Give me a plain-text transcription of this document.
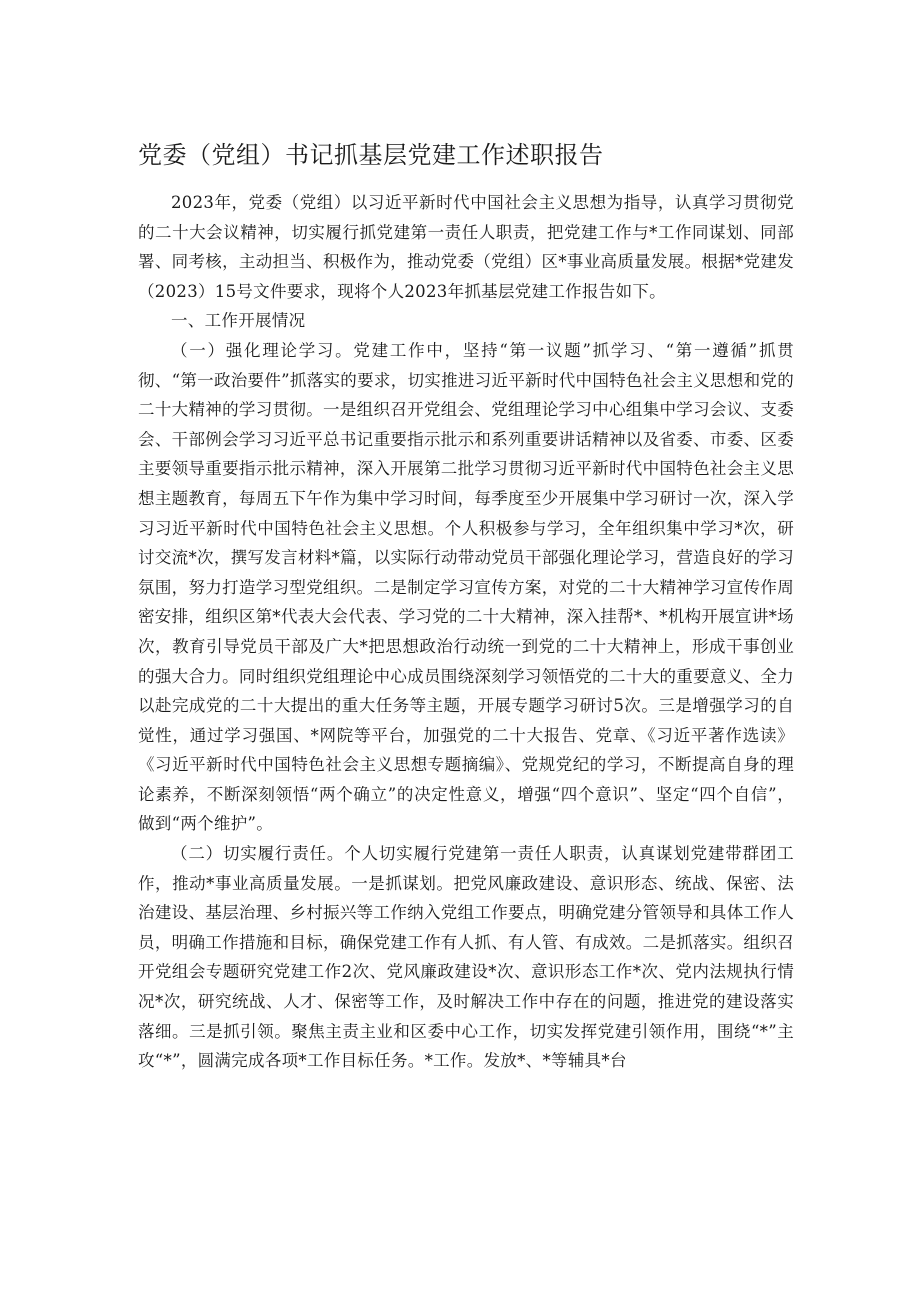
党委（党组）书记抓基层党建工作述职报告

2023年，党委（党组）以习近平新时代中国社会主义思想为指导，认真学习贯彻党的二十大会议精神，切实履行抓党建第一责任人职责，把党建工作与*工作同谋划、同部署、同考核，主动担当、积极作为，推动党委（党组）区*事业高质量发展。根据*党建发（2023）15号文件要求，现将个人2023年抓基层党建工作报告如下。

一、工作开展情况

（一）强化理论学习。党建工作中，坚持“第一议题”抓学习、“第一遵循”抓贯彻、“第一政治要件”抓落实的要求，切实推进习近平新时代中国特色社会主义思想和党的二十大精神的学习贯彻。一是组织召开党组会、党组理论学习中心组集中学习会议、支委会、干部例会学习习近平总书记重要指示批示和系列重要讲话精神以及省委、市委、区委主要领导重要指示批示精神，深入开展第二批学习贯彻习近平新时代中国特色社会主义思想主题教育，每周五下午作为集中学习时间，每季度至少开展集中学习研讨一次，深入学习习近平新时代中国特色社会主义思想。个人积极参与学习，全年组织集中学习*次，研讨交流*次，撰写发言材料*篇，以实际行动带动党员干部强化理论学习，营造良好的学习氛围，努力打造学习型党组织。二是制定学习宣传方案，对党的二十大精神学习宣传作周密安排，组织区第*代表大会代表、学习党的二十大精神，深入挂帮*、*机构开展宣讲*场次，教育引导党员干部及广大*把思想政治行动统一到党的二十大精神上，形成干事创业的强大合力。同时组织党组理论中心成员围绕深刻学习领悟党的二十大的重要意义、全力以赴完成党的二十大提出的重大任务等主题，开展专题学习研讨5次。三是增强学习的自觉性，通过学习强国、*网院等平台，加强党的二十大报告、党章、《习近平著作选读》《习近平新时代中国特色社会主义思想专题摘编》、党规党纪的学习，不断提高自身的理论素养，不断深刻领悟“两个确立”的决定性意义，增强“四个意识”、坚定“四个自信”，做到“两个维护”。

（二）切实履行责任。个人切实履行党建第一责任人职责，认真谋划党建带群团工作，推动*事业高质量发展。一是抓谋划。把党风廉政建设、意识形态、统战、保密、法治建设、基层治理、乡村振兴等工作纳入党组工作要点，明确党建分管领导和具体工作人员，明确工作措施和目标，确保党建工作有人抓、有人管、有成效。二是抓落实。组织召开党组会专题研究党建工作2次、党风廉政建设*次、意识形态工作*次、党内法规执行情况*次，研究统战、人才、保密等工作，及时解决工作中存在的问题，推进党的建设落实落细。三是抓引领。聚焦主责主业和区委中心工作，切实发挥党建引领作用，围绕“*”主攻“*”，圆满完成各项*工作目标任务。*工作。发放*、*等辅具*台
